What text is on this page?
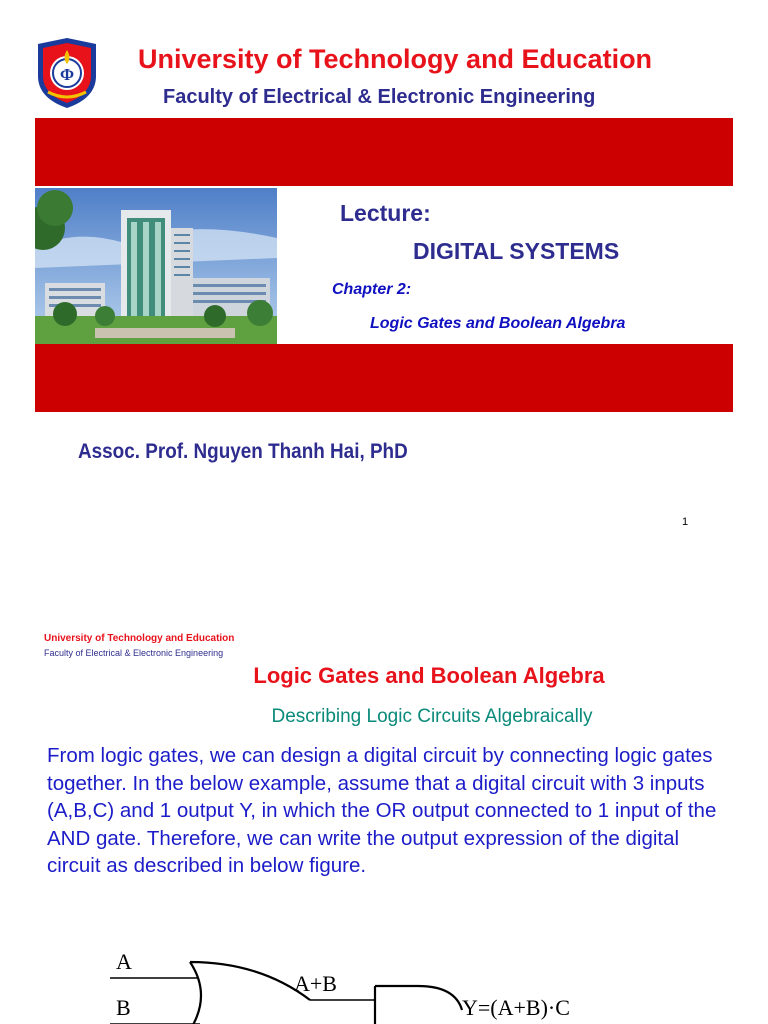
Φ
University of Technology and Education
Faculty of Electrical & Electronic Engineering
Lecture:
DIGITAL SYSTEMS
Chapter 2:
Logic Gates and Boolean Algebra
Assoc. Prof. Nguyen Thanh Hai, PhD
1
University of Technology and Education
Faculty of Electrical & Electronic Engineering
Logic Gates and Boolean Algebra
Describing Logic Circuits Algebraically
From logic gates, we can design a digital circuit by connecting logic gates together. In the below example, assume that a digital circuit with 3 inputs (A,B,C) and 1 output Y, in which the OR output connected to 1 input of the AND gate. Therefore, we can write the output expression of the digital circuit as described in below figure.
A
B
A+B
Y=(A+B)·C
